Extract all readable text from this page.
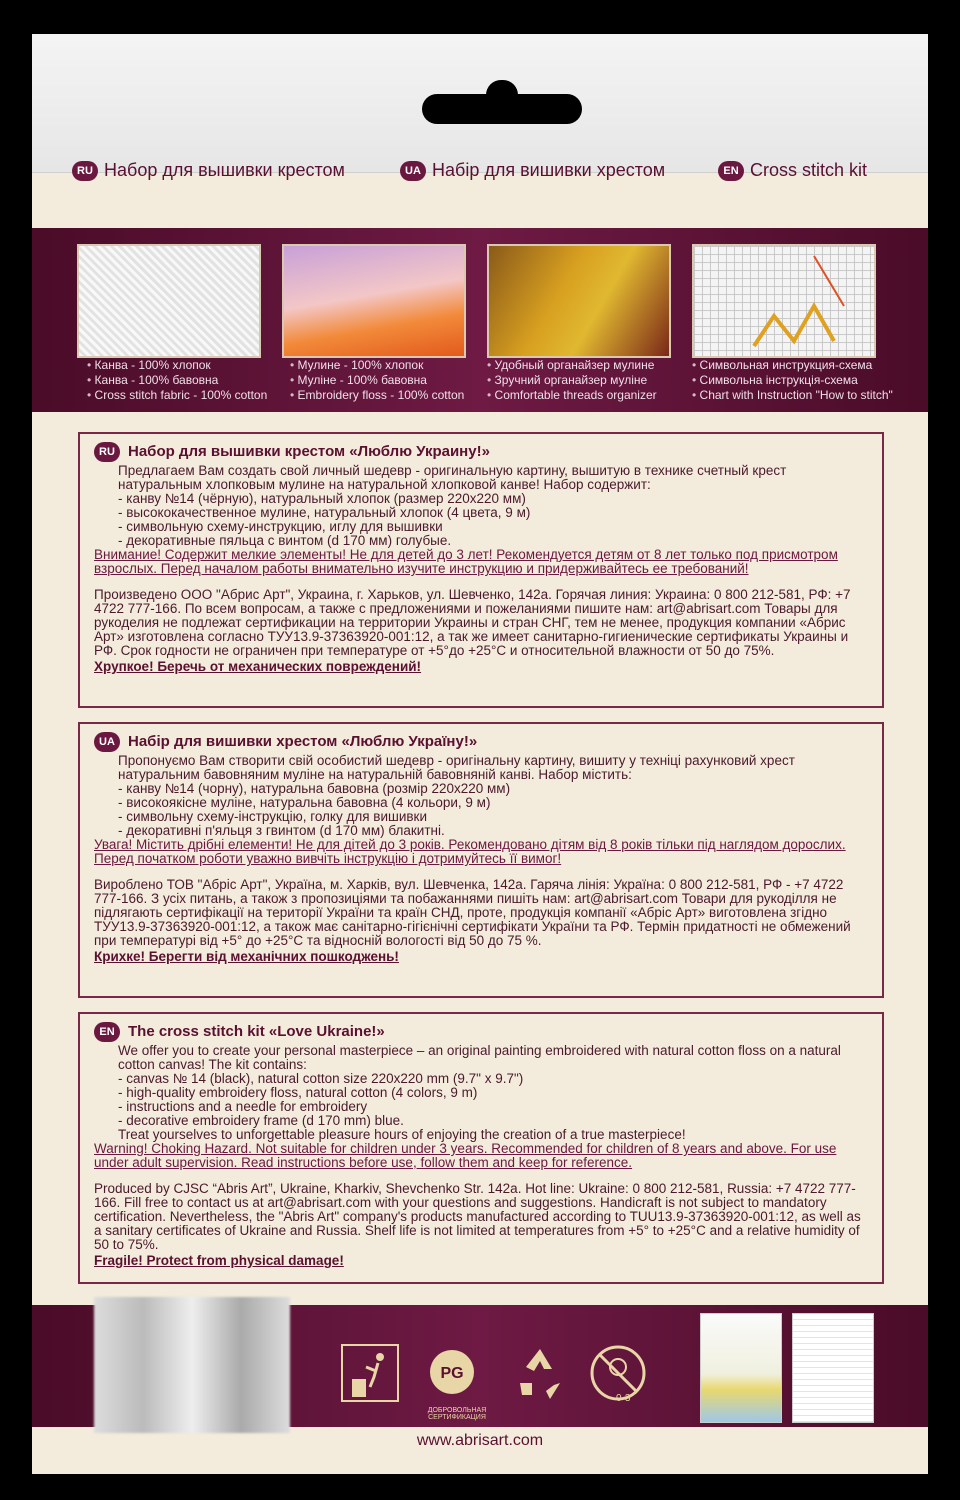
RU Набор для вышивки крестом	UA Набір для вишивки хрестом	EN Cross stitch kit
• Канва - 100% хлопок
• Канва - 100% бавовна
• Cross stitch fabric - 100% cotton
• Мулине - 100% хлопок
• Муліне - 100% бавовна
• Embroidery floss - 100% cotton
• Удобный органайзер мулине
• Зручний органайзер муліне
• Comfortable threads organizer
• Символьная инструкция-схема
• Символьна інструкція-схема
• Chart with Instruction "How to stitch"
RU Набор для вышивки крестом «Люблю Украину!»

Предлагаем Вам создать свой личный шедевр - оригинальную картину, вышитую в технике счетный крест натуральным хлопковым мулине на натуральной хлопковой канве! Набор содержит:

- канву №14 (чёрную), натуральный хлопок (размер 220x220 мм)

- высококачественное мулине, натуральный хлопок (4 цвета, 9 м)

- символьную схему-инструкцию, иглу для вышивки

- декоративные пяльца с винтом (d 170 мм) голубые.

Внимание! Содержит мелкие элементы! Не для детей до 3 лет! Рекомендуется детям от 8 лет только под присмотром взрослых. Перед началом работы внимательно изучите инструкцию и придерживайтесь ее требований!

Произведено ООО "Абрис Арт", Украина, г. Харьков, ул. Шевченко, 142а. Горячая линия: Украина: 0 800 212-581, РФ: +7 4722 777-166. По всем вопросам, а также с предложениями и пожеланиями пишите нам: art@abrisart.com Товары для рукоделия не подлежат сертификации на территории Украины и стран СНГ, тем не менее, продукция компании «Абрис Арт» изготовлена согласно ТУУ13.9-37363920-001:12, а так же имеет санитарно-гигиенические сертификаты Украины и РФ. Срок годности не ограничен при температуре от +5°до +25°С и относительной влажности от 50 до 75%.

Хрупкое! Беречь от механических повреждений!

UA Набір для вишивки хрестом «Люблю Україну!»

Пропонуємо Вам створити свій особистий шедевр - оригінальну картину, вишиту у техніці рахунковий хрест натуральним бавовняним муліне на натуральній бавовняній канві. Набор містить:

- канву №14 (чорну), натуральна бавовна (розмір 220x220 мм)

- високоякісне муліне, натуральна бавовна (4 кольори, 9 м)

- символьну схему-інструкцію, голку для вишивки

- декоративні п'яльця з гвинтом (d 170 мм) блакитні.

Увага! Містить дрібні елементи! Не для дітей до 3 років. Рекомендовано дітям від 8 років тільки під наглядом дорослих. Перед початком роботи уважно вивчіть інструкцію і дотримуйтесь її вимог!

Вироблено ТОВ "Абріс Арт", Україна, м. Харків, вул. Шевченка, 142а. Гаряча лінія: Україна: 0 800 212-581, РФ - +7 4722 777-166. З усіх питань, а також з пропозиціями та побажаннями пишіть нам: art@abrisart.com Товари для рукоділля не підлягають сертифікації на території України та країн СНД, проте, продукція компанії «Абріс Арт» виготовлена згідно ТУУ13.9-37363920-001:12, а також має санітарно-гігієнічні сертифікати України та РФ. Термін придатності не обмежений при температурі від +5° до +25°С та відносній вологості від 50 до 75 %.

Крихке! Берегти від механічних пошкоджень!

EN The cross stitch kit «Love Ukraine!»

We offer you to create your personal masterpiece – an original painting embroidered with natural cotton floss on a natural cotton canvas! The kit contains:

- canvas № 14 (black), natural cotton size 220x220 mm (9.7" x 9.7")

- high-quality embroidery floss, natural cotton (4 colors, 9 m)

- instructions and a needle for embroidery

- decorative embroidery frame (d 170 mm) blue.

Treat yourselves to unforgettable pleasure hours of enjoying the creation of a true masterpiece!

Warning! Choking Hazard. Not suitable for children under 3 years. Recommended for children of 8 years and above. For use under adult supervision. Read instructions before use, follow them and keep for reference.

Produced by CJSC “Abris Art”, Ukraine, Kharkiv, Shevchenko Str. 142a. Hot line: Ukraine: 0 800 212-581, Russia: +7 4722 777-166. Fill free to contact us at art@abrisart.com with your questions and suggestions. Handicraft is not subject to mandatory certification. Nevertheless, the "Abris Art" company's products manufactured according to TUU13.9-37363920-001:12, as well as a sanitary certificates of Ukraine and Russia. Shelf life is not limited at temperatures from +5° to +25°C and a relative humidity of 50 to 75%.

Fragile! Protect from physical damage!

PG
0-3
ДОБРОВОЛЬНАЯ СЕРТИФИКАЦИЯ
www.abrisart.com
